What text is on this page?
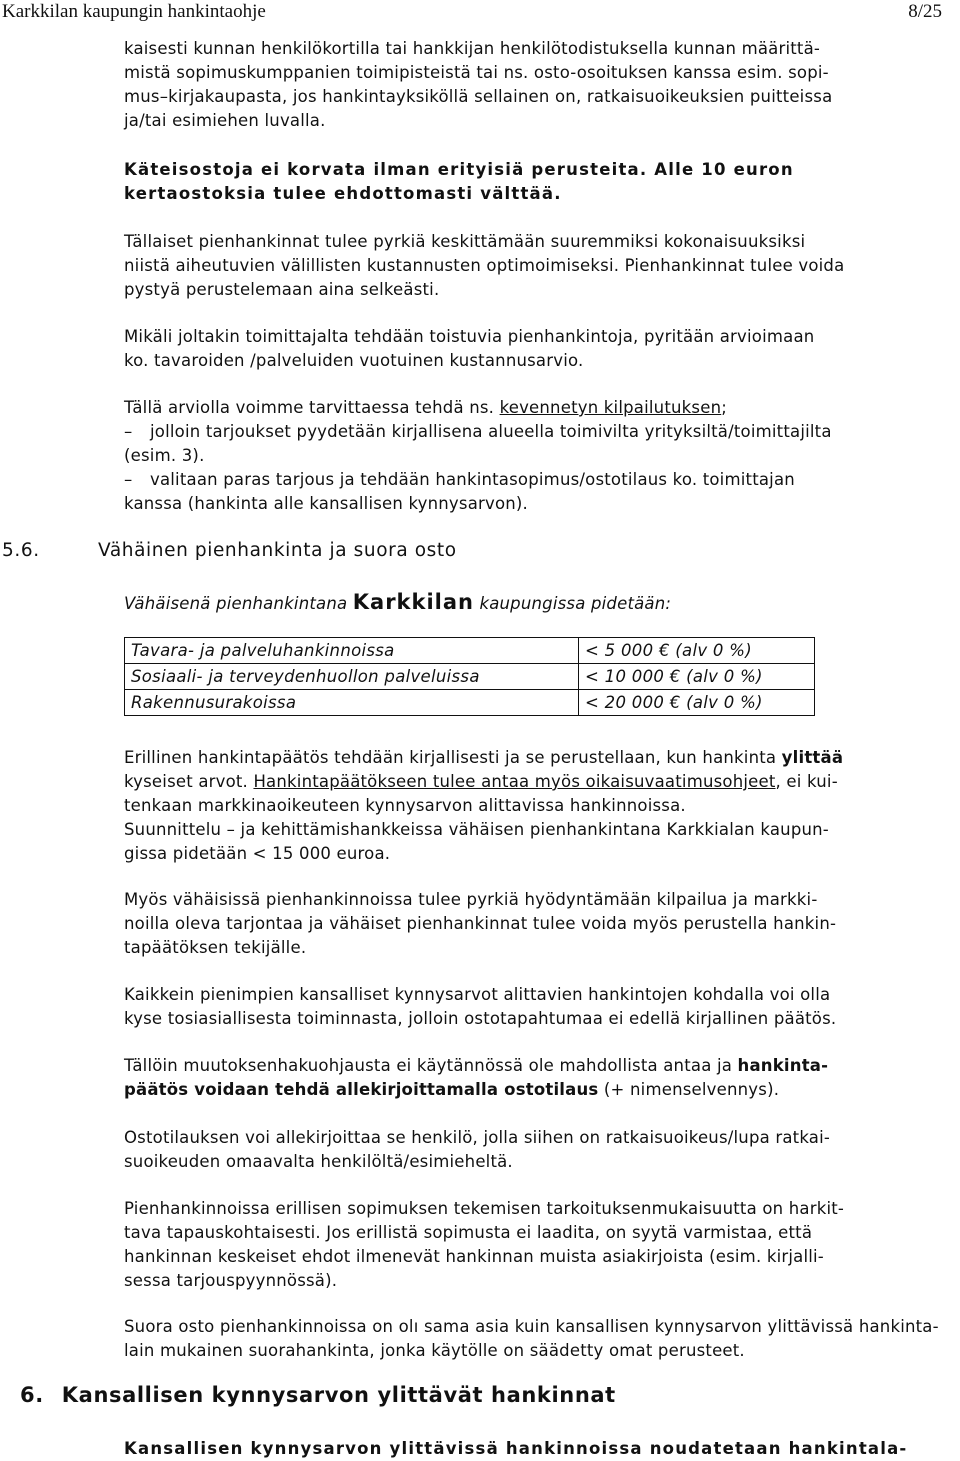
Karkkilan kaupungin hankintaohje	8/25

kaisesti kunnan henkilökortilla tai hankkijan henkilötodistuksella kunnan määrittä-

mistä sopimuskumppanien toimipisteistä tai ns. osto-osoituksen kanssa esim. sopi-

mus–kirjakaupasta, jos hankintayksiköllä sellainen on, ratkaisuoikeuksien puitteissa

ja/tai esimiehen luvalla.

Käteisostoja ei korvata ilman erityisiä perusteita. Alle 10 euron

kertaostoksia tulee ehdottomasti välttää.

Tällaiset pienhankinnat tulee pyrkiä keskittämään suuremmiksi kokonaisuuksiksi

niistä aiheutuvien välillisten kustannusten optimoimiseksi. Pienhankinnat tulee voida

pystyä perustelemaan aina selkeästi.

Mikäli joltakin toimittajalta tehdään toistuvia pienhankintoja, pyritään arvioimaan

ko. tavaroiden /palveluiden vuotuinen kustannusarvio.

Tällä arviolla voimme tarvittaessa tehdä ns. kevennetyn kilpailutuksen;

– jolloin tarjoukset pyydetään kirjallisena alueella toimivilta yrityksiltä/toimittajilta

(esim. 3).

– valitaan paras tarjous ja tehdään hankintasopimus/ostotilaus ko. toimittajan

kanssa (hankinta alle kansallisen kynnysarvon).

5.6.	Vähäinen pienhankinta ja suora osto

Vähäisenä pienhankintana Karkkilan kaupungissa pidetään:

Tavara- ja palveluhankinnoissa	< 5 000 € (alv 0 %)
Sosiaali- ja terveydenhuollon palveluissa	< 10 000 € (alv 0 %)
Rakennusurakoissa	< 20 000 € (alv 0 %)

Erillinen hankintapäätös tehdään kirjallisesti ja se perustellaan, kun hankinta ylittää

kyseiset arvot. Hankintapäätökseen tulee antaa myös oikaisuvaatimusohjeet, ei kui-

tenkaan markkinaoikeuteen kynnysarvon alittavissa hankinnoissa.

Suunnittelu – ja kehittämishankkeissa vähäisen pienhankintana Karkkialan kaupun-

gissa pidetään < 15 000 euroa.

Myös vähäisissä pienhankinnoissa tulee pyrkiä hyödyntämään kilpailua ja markki-

noilla oleva tarjontaa ja vähäiset pienhankinnat tulee voida myös perustella hankin-

tapäätöksen tekijälle.

Kaikkein pienimpien kansalliset kynnysarvot alittavien hankintojen kohdalla voi olla

kyse tosiasiallisesta toiminnasta, jolloin ostotapahtumaa ei edellä kirjallinen päätös.

Tällöin muutoksenhakuohjausta ei käytännössä ole mahdollista antaa ja hankinta-

päätös voidaan tehdä allekirjoittamalla ostotilaus (+ nimenselvennys).

Ostotilauksen voi allekirjoittaa se henkilö, jolla siihen on ratkaisuoikeus/lupa ratkai-

suoikeuden omaavalta henkilöltä/esimieheltä.

Pienhankinnoissa erillisen sopimuksen tekemisen tarkoituksenmukaisuutta on harkit-

tava tapauskohtaisesti. Jos erillistä sopimusta ei laadita, on syytä varmistaa, että

hankinnan keskeiset ehdot ilmenevät hankinnan muista asiakirjoista (esim. kirjalli-

sessa tarjouspyynnössä).

Suora osto pienhankinnoissa on olı sama asia kuin kansallisen kynnysarvon ylittävissä hankinta-

lain mukainen suorahankinta, jonka käytölle on säädetty omat perusteet.

6. Kansallisen kynnysarvon ylittävät hankinnat

Kansallisen kynnysarvon ylittävissä hankinnoissa noudatetaan hankintala-
